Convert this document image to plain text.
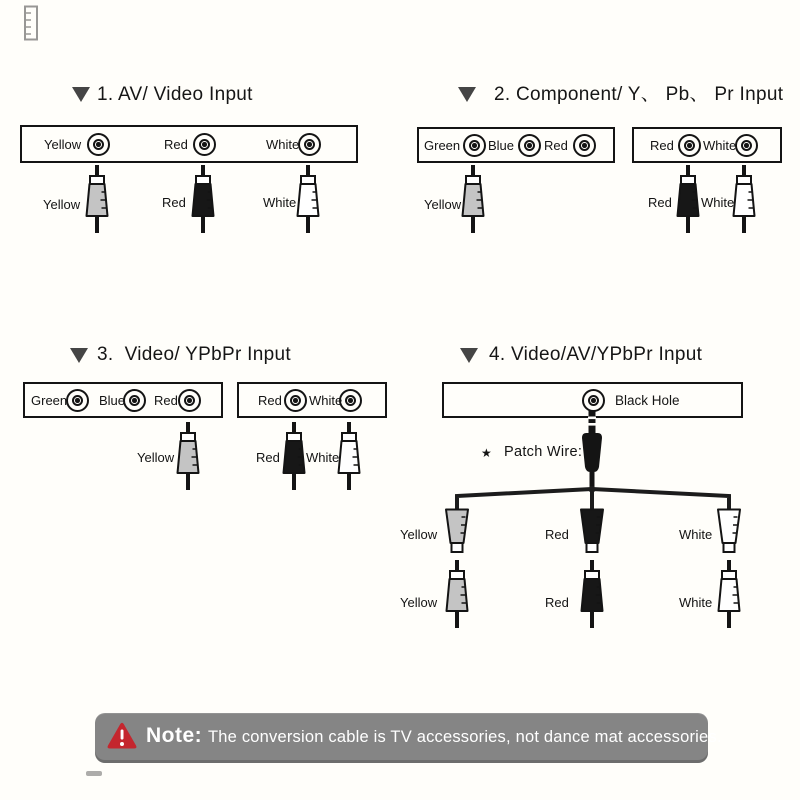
1. AV/ Video Input
Yellow	Red	White
Yellow	Red	White
2. Component/ Y、 Pb、 Pr Input
Green Blue Red
Yellow
Red White
Red White
3.  Video/ YPbPr Input
Green Blue Red
Yellow
Red White
Red White
4. Video/AV/YPbPr Input
Black Hole
★ Patch Wire:
Yellow	Red	White
Yellow	Red	White
Note: The conversion cable is TV accessories, not dance mat accessories.
